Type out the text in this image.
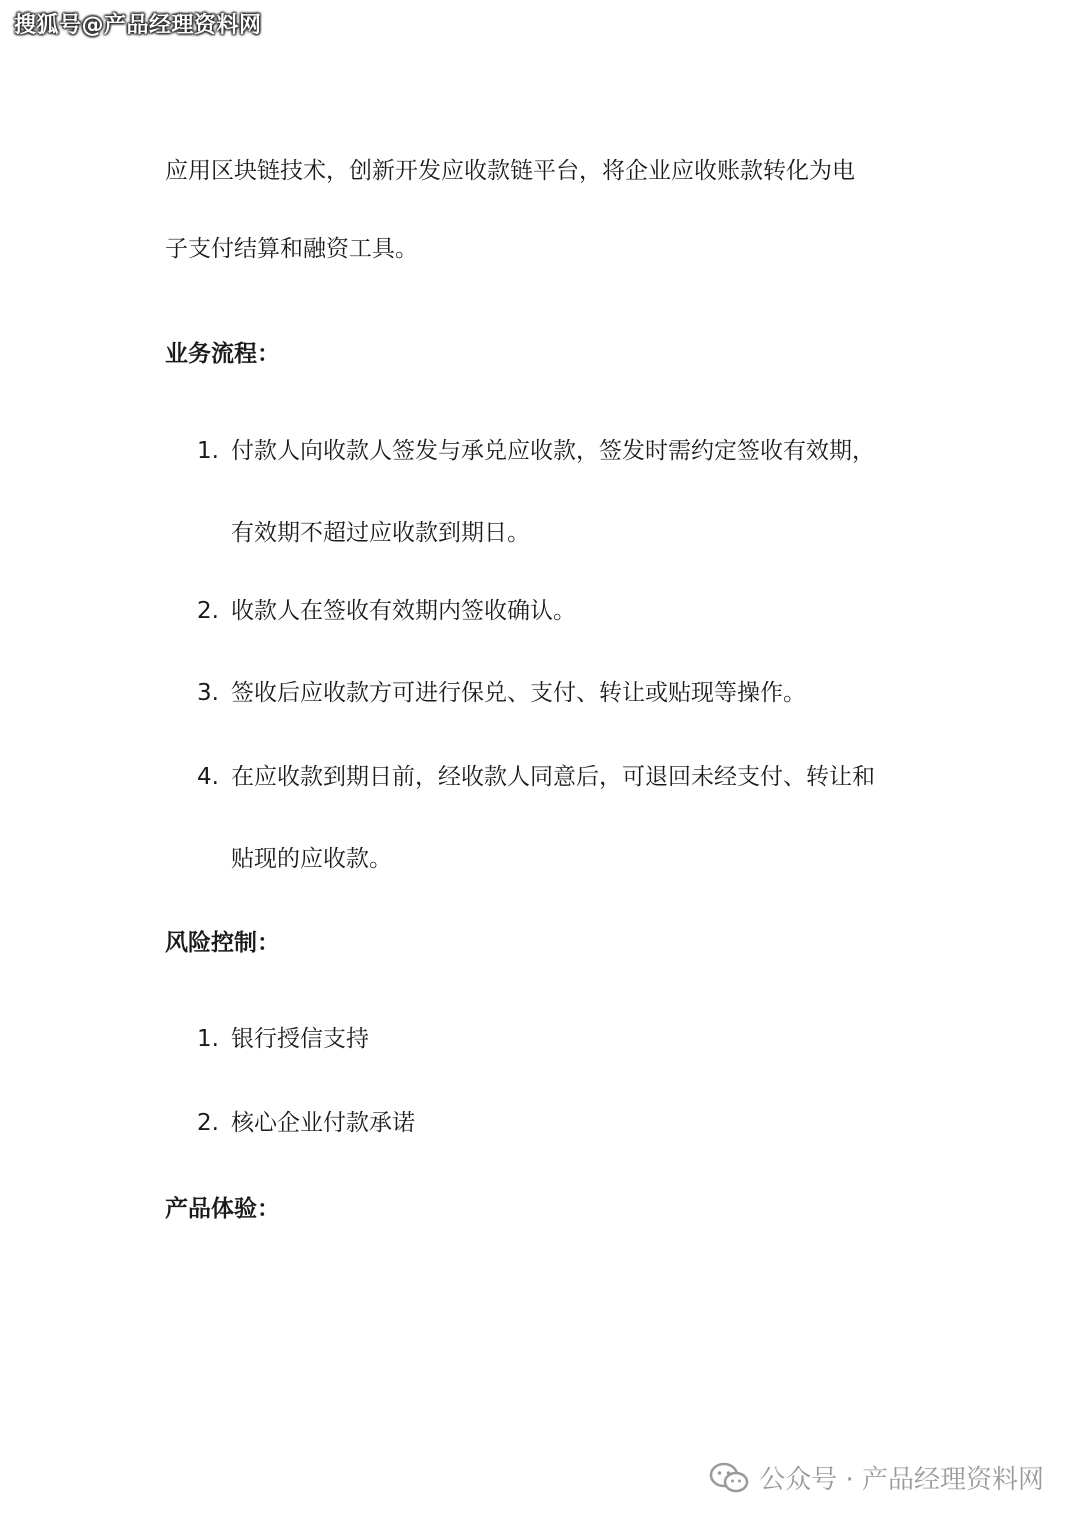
搜狐号@产品经理资料网
应用区块链技术，创新开发应收款链平台，将企业应收账款转化为电
子支付结算和融资工具。
业务流程：
1. 付款人向收款人签发与承兑应收款，签发时需约定签收有效期，
有效期不超过应收款到期日。
2. 收款人在签收有效期内签收确认。
3. 签收后应收款方可进行保兑、支付、转让或贴现等操作。
4. 在应收款到期日前，经收款人同意后，可退回未经支付、转让和
贴现的应收款。
风险控制：
1. 银行授信支持
2. 核心企业付款承诺
产品体验：
公众号 · 产品经理资料网
